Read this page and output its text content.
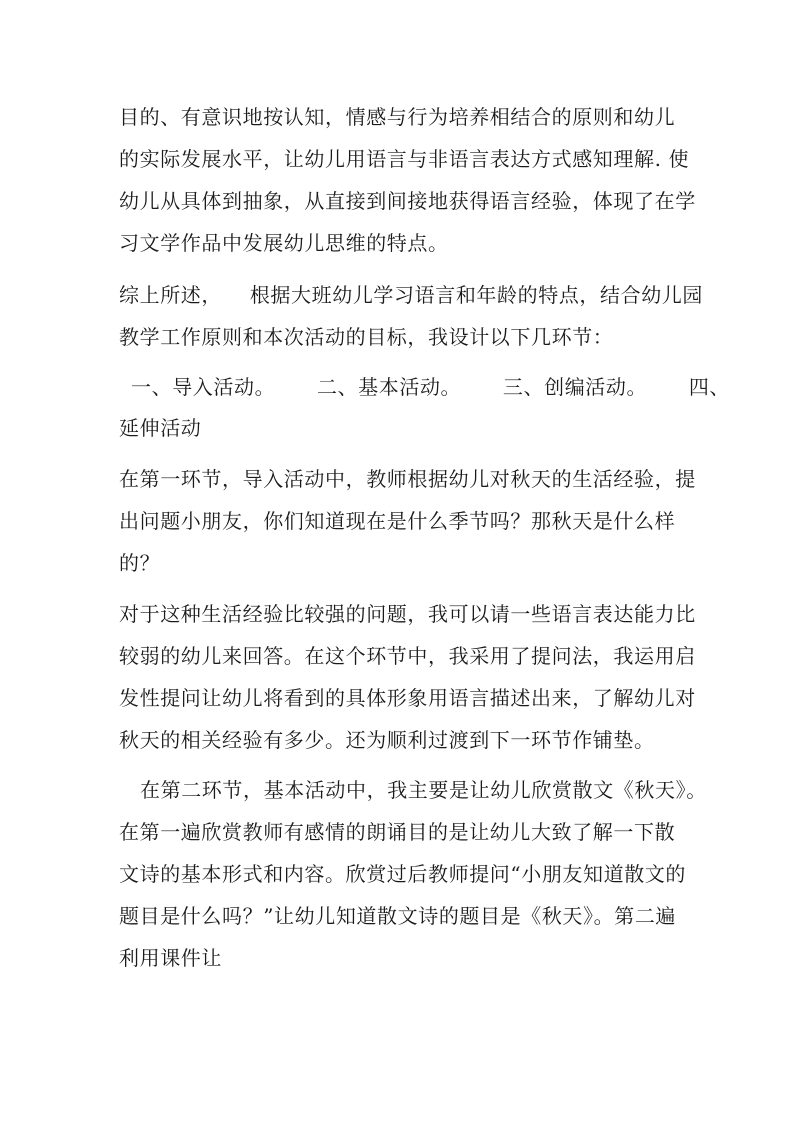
目的、有意识地按认知，情感与行为培养相结合的原则和幼儿
的实际发展水平，让幼儿用语言与非语言表达方式感知理解. 使
幼儿从具体到抽象，从直接到间接地获得语言经验，体现了在学
习文学作品中发展幼儿思维的特点。
综上所述，    根据大班幼儿学习语言和年龄的特点，结合幼儿园
教学工作原则和本次活动的目标，我设计以下几环节：
一、导入活动。      二、基本活动。      三、创编活动。      四、
延伸活动
在第一环节，导入活动中，教师根据幼儿对秋天的生活经验，提
出问题小朋友，你们知道现在是什么季节吗？那秋天是什么样
的？
对于这种生活经验比较强的问题，我可以请一些语言表达能力比
较弱的幼儿来回答。在这个环节中，我采用了提问法，我运用启
发性提问让幼儿将看到的具体形象用语言描述出来，了解幼儿对
秋天的相关经验有多少。还为顺利过渡到下一环节作铺垫。
在第二环节，基本活动中，我主要是让幼儿欣赏散文《秋天》。
在第一遍欣赏教师有感情的朗诵目的是让幼儿大致了解一下散
文诗的基本形式和内容。欣赏过后教师提问“小朋友知道散文的
题目是什么吗？”让幼儿知道散文诗的题目是《秋天》。第二遍
利用课件让
